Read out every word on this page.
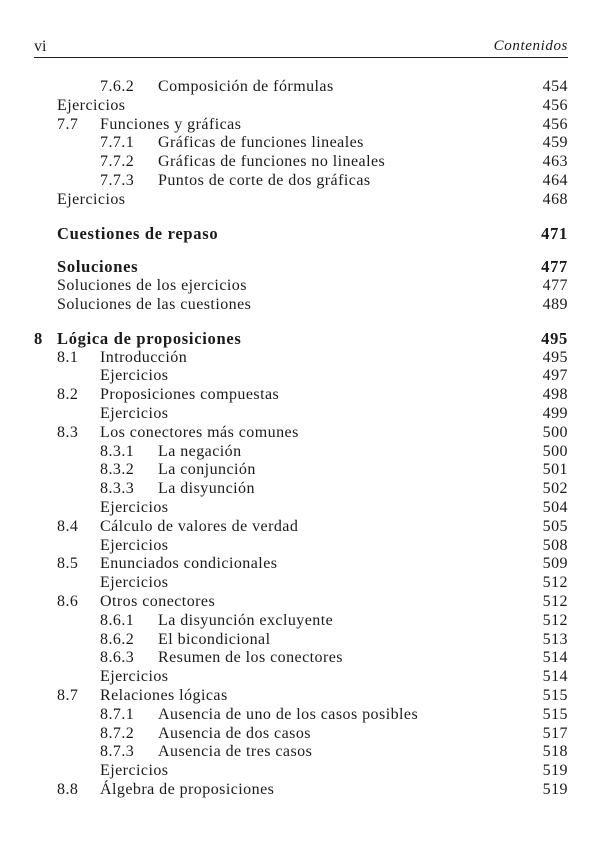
vi	Contenidos
7.6.2 Composición de fórmulas	454
Ejercicios	456
7.7 Funciones y gráficas	456
7.7.1 Gráficas de funciones lineales	459
7.7.2 Gráficas de funciones no lineales	463
7.7.3 Puntos de corte de dos gráficas	464
Ejercicios	468
Cuestiones de repaso	471
Soluciones	477
Soluciones de los ejercicios	477
Soluciones de las cuestiones	489
8 Lógica de proposiciones	495
8.1 Introducción	495
Ejercicios	497
8.2 Proposiciones compuestas	498
Ejercicios	499
8.3 Los conectores más comunes	500
8.3.1 La negación	500
8.3.2 La conjunción	501
8.3.3 La disyunción	502
Ejercicios	504
8.4 Cálculo de valores de verdad	505
Ejercicios	508
8.5 Enunciados condicionales	509
Ejercicios	512
8.6 Otros conectores	512
8.6.1 La disyunción excluyente	512
8.6.2 El bicondicional	513
8.6.3 Resumen de los conectores	514
Ejercicios	514
8.7 Relaciones lógicas	515
8.7.1 Ausencia de uno de los casos posibles	515
8.7.2 Ausencia de dos casos	517
8.7.3 Ausencia de tres casos	518
Ejercicios	519
8.8 Álgebra de proposiciones	519
